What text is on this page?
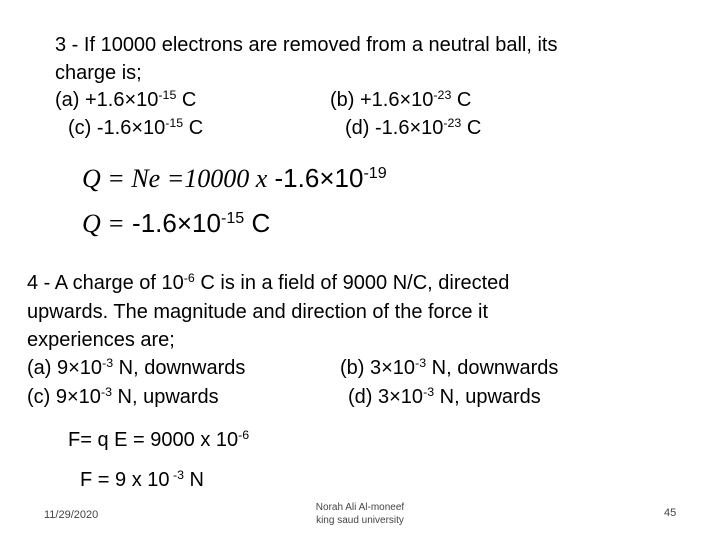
3 - If 10000 electrons are removed from a neutral ball, its
charge is;
$(a) +1.6\times 10^{-15}$ C	$(b) +1.6\times 10^{-23}$ C
(c) $-1.6\times 10^{-15}$ C	(d) $-1.6\times 10^{-23}$ C
Q = Ne =10000 x $-1.6\times 10^{-19}$
$Q = -1.6\times 10^{-15}$ C
4 - A charge of $10^{-6}$ C is in a field of 9000 N/C, directed
upwards. The magnitude and direction of the force it
experiences are;
(a) $9\times 10^{-3}$ N, downwards	(b) $3\times 10^{-3}$ N, downwards
(c) $9\times 10^{-3}$ N, upwards	(d) $3\times 10^{-3}$ N, upwards
F= q E = 9000 x $10^{-6}$
F = 9 x 10 $^{-3}$ N
11/29/2020
Norah Ali Al-moneef
king saud university
45
